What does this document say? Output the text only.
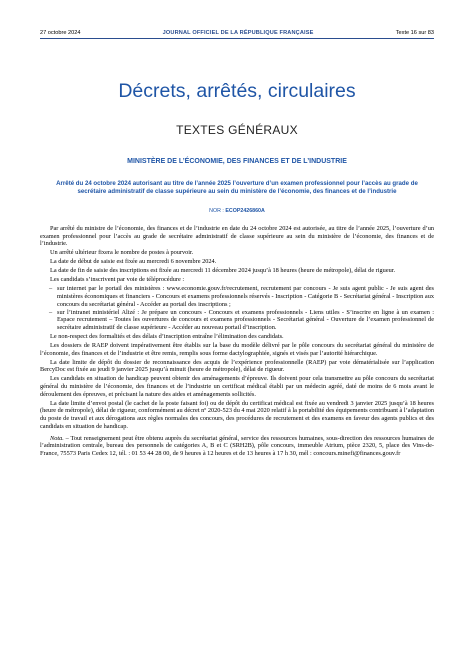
27 octobre 2024	JOURNAL OFFICIEL DE LA RÉPUBLIQUE FRANÇAISE	Texte 16 sur 83
Décrets, arrêtés, circulaires
TEXTES GÉNÉRAUX
MINISTÈRE DE L’ÉCONOMIE, DES FINANCES ET DE L’INDUSTRIE
Arrêté du 24 octobre 2024 autorisant au titre de l’année 2025 l’ouverture d’un examen professionnel pour l’accès au grade de secrétaire administratif de classe supérieure au sein du ministère de l’économie, des finances et de l’industrie
NOR : ECOP2426860A

Par arrêté du ministre de l’économie, des finances et de l’industrie en date du 24 octobre 2024 est autorisée, au titre de l’année 2025, l’ouverture d’un examen professionnel pour l’accès au grade de secrétaire administratif de classe supérieure au sein du ministère de l’économie, des finances et de l’industrie.

Un arrêté ultérieur fixera le nombre de postes à pourvoir.

La date de début de saisie est fixée au mercredi 6 novembre 2024.

La date de fin de saisie des inscriptions est fixée au mercredi 11 décembre 2024 jusqu’à 18 heures (heure de métropole), délai de rigueur.

Les candidats s’inscrivent par voie de téléprocédure :

– sur internet par le portail des ministères : www.economie.gouv.fr/recrutement, recrutement par concours - Je suis agent public - Je suis agent des ministères économiques et financiers - Concours et examens professionnels réservés - Inscription - Catégorie B - Secrétariat général - Inscription aux concours du secrétariat général - Accéder au portail des inscriptions ;
– sur l’intranet ministériel Alizé : Je prépare un concours - Concours et examens professionnels - Liens utiles - S’inscrire en ligne à un examen : Espace recrutement – Toutes les ouvertures de concours et examens professionnels - Secrétariat général - Ouverture de l’examen professionnel de secrétaire administratif de classe supérieure - Accéder au nouveau portail d’inscription.

Le non-respect des formalités et des délais d’inscription entraîne l’élimination des candidats.

Les dossiers de RAEP doivent impérativement être établis sur la base du modèle délivré par le pôle concours du secrétariat général du ministère de l’économie, des finances et de l’industrie et être remis, remplis sous forme dactylographiée, signés et visés par l’autorité hiérarchique.

La date limite de dépôt du dossier de reconnaissance des acquis de l’expérience professionnelle (RAEP) par voie dématérialisée sur l’application BercyDoc est fixée au jeudi 9 janvier 2025 jusqu’à minuit (heure de métropole), délai de rigueur.

Les candidats en situation de handicap peuvent obtenir des aménagements d’épreuve. Ils doivent pour cela transmettre au pôle concours du secrétariat général du ministère de l’économie, des finances et de l’industrie un certificat médical établi par un médecin agréé, daté de moins de 6 mois avant le déroulement des épreuves, et précisant la nature des aides et aménagements sollicités.

La date limite d’envoi postal (le cachet de la poste faisant foi) ou de dépôt du certificat médical est fixée au vendredi 3 janvier 2025 jusqu’à 18 heures (heure de métropole), délai de rigueur, conformément au décret nº 2020-523 du 4 mai 2020 relatif à la portabilité des équipements contribuant à l’adaptation du poste de travail et aux dérogations aux règles normales des concours, des procédures de recrutement et des examens en faveur des agents publics et des candidats en situation de handicap.

Nota. – Tout renseignement peut être obtenu auprès du secrétariat général, service des ressources humaines, sous-direction des ressources humaines de l’administration centrale, bureau des personnels de catégories A, B et C (SRH2B), pôle concours, immeuble Atrium, pièce 2320, 5, place des Vins-de-France, 75573 Paris Cedex 12, tél. : 01 53 44 28 00, de 9 heures à 12 heures et de 13 heures à 17 h 30, mél : concours.minefi@finances.gouv.fr
